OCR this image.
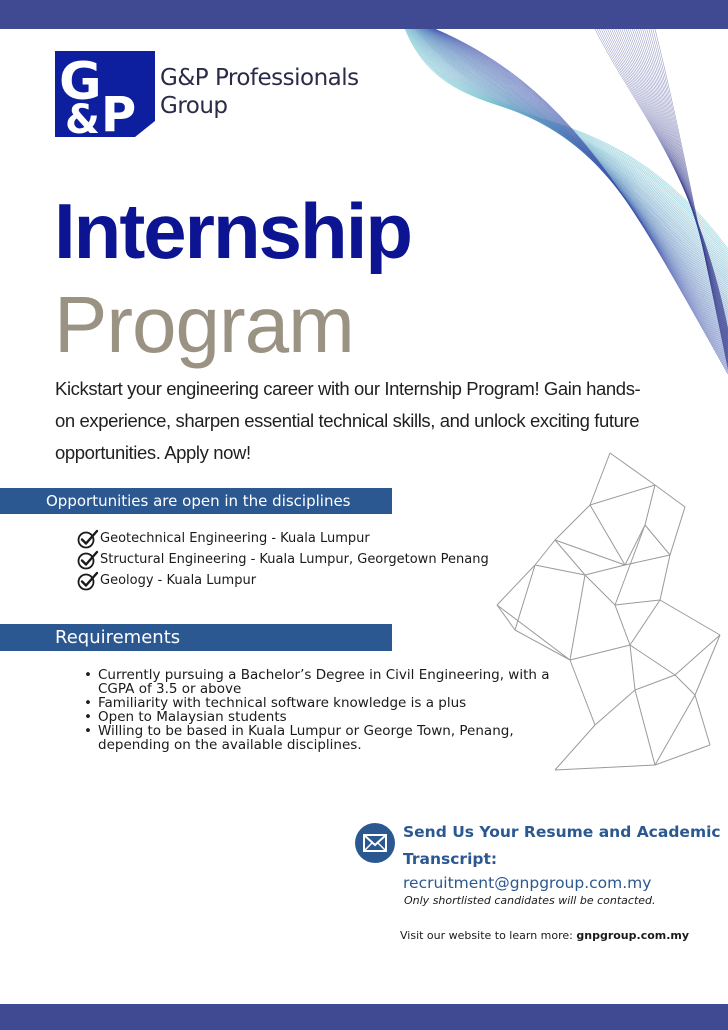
G
P
&
G&P Professionals
Group
Internship
Program
Kickstart your engineering career with our Internship Program! Gain hands-on experience, sharpen essential technical skills, and unlock exciting future opportunities. Apply now!
Opportunities are open in the disciplines
Geotechnical Engineering - Kuala Lumpur
Structural Engineering - Kuala Lumpur, Georgetown Penang
Geology - Kuala Lumpur
Requirements
• Currently pursuing a Bachelor’s Degree in Civil Engineering, with a CGPA of 3.5 or above
• Familiarity with technical software knowledge is a plus
• Open to Malaysian students
• Willing to be based in Kuala Lumpur or George Town, Penang, depending on the available disciplines.
Send Us Your Resume and Academic Transcript:
recruitment@gnpgroup.com.my
Only shortlisted candidates will be contacted.
Visit our website to learn more: gnpgroup.com.my
